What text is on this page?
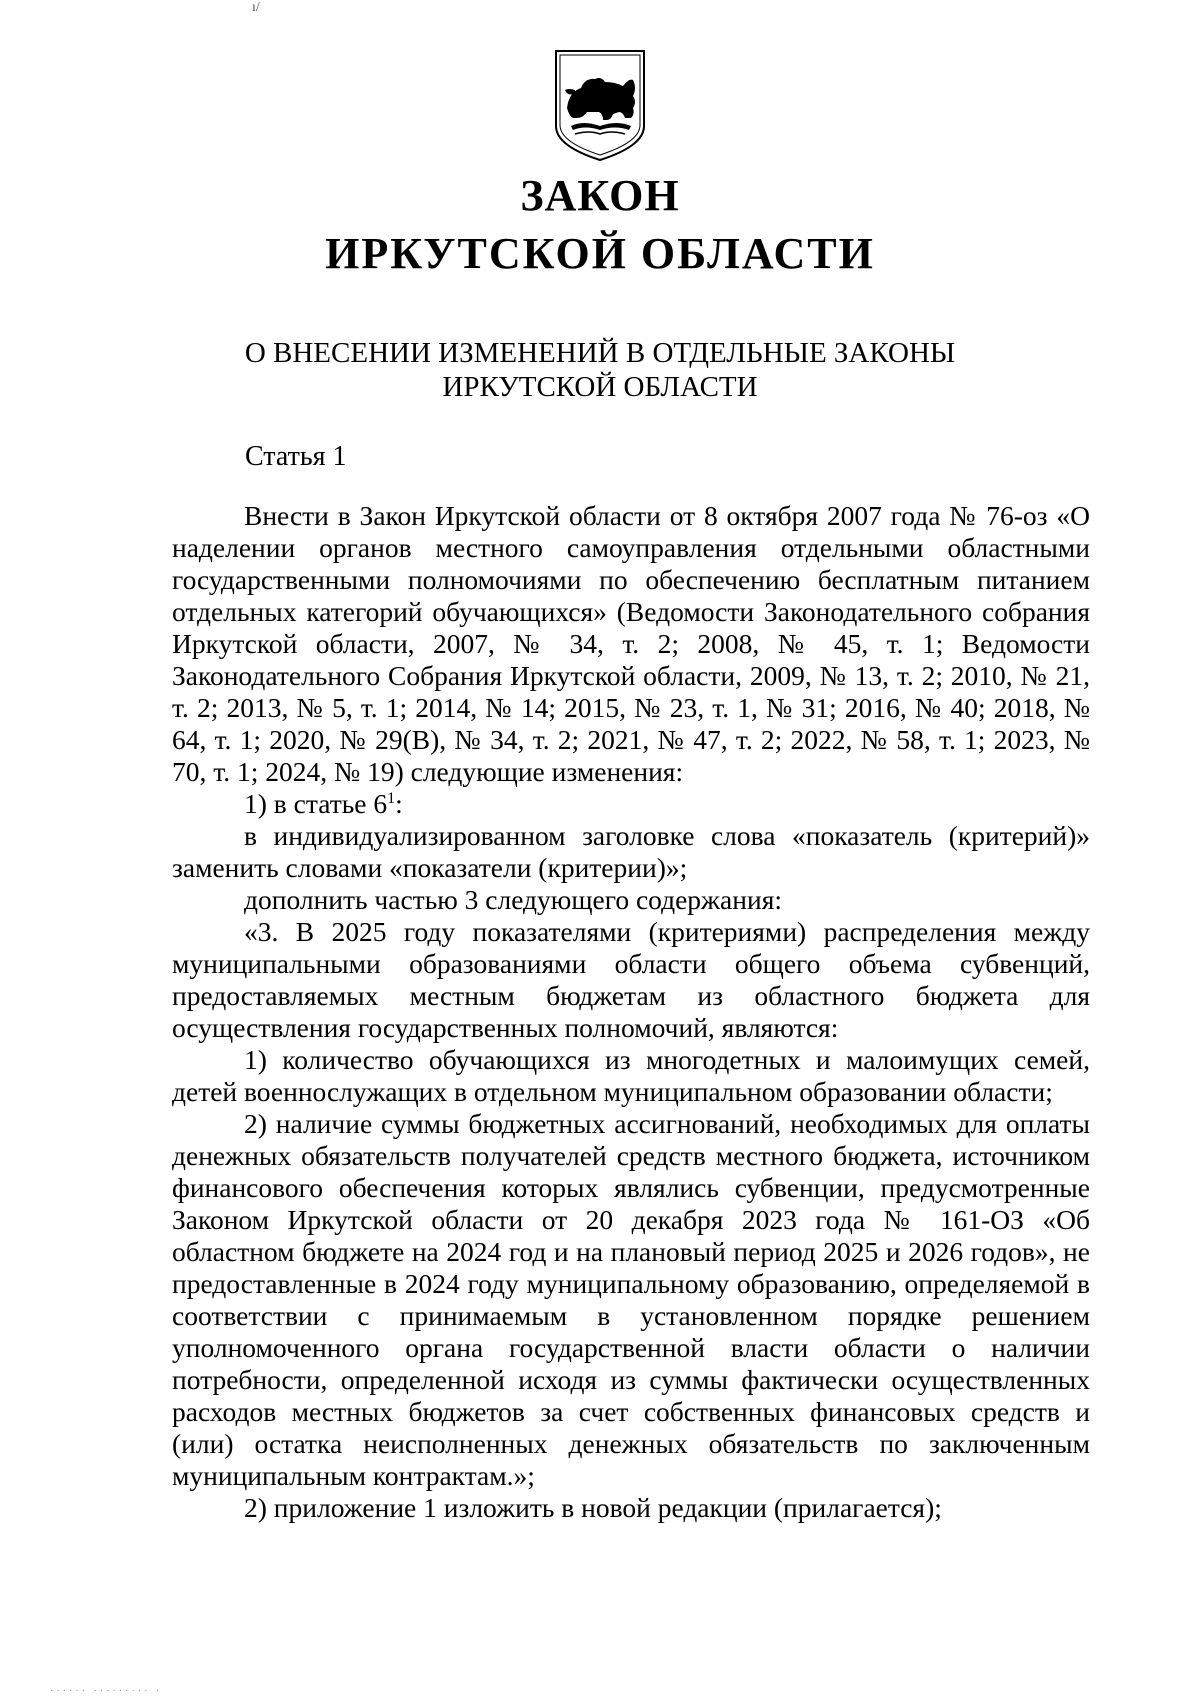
ı/
ЗАКОН
ИРКУТСКОЙ ОБЛАСТИ
О ВНЕСЕНИИ ИЗМЕНЕНИЙ В ОТДЕЛЬНЫЕ ЗАКОНЫ
ИРКУТСКОЙ ОБЛАСТИ
Статья 1

Внести в Закон Иркутской области от 8 октября 2007 года № 76-оз «О наделении органов местного самоуправления отдельными областными государственными полномочиями по обеспечению бесплатным питанием отдельных категорий обучающихся» (Ведомости Законодательного собрания Иркутской области, 2007, № 34, т. 2; 2008, № 45, т. 1; Ведомости Законодательного Собрания Иркутской области, 2009, № 13, т. 2; 2010, № 21, т. 2; 2013, № 5, т. 1; 2014, № 14; 2015, № 23, т. 1, № 31; 2016, № 40; 2018, № 64, т. 1; 2020, № 29(В), № 34, т. 2; 2021, № 47, т. 2; 2022, № 58, т. 1; 2023, № 70, т. 1; 2024, № 19) следующие изменения:

1) в статье $6^1$:

в индивидуализированном заголовке слова «показатель (критерий)» заменить словами «показатели (критерии)»;

дополнить частью 3 следующего содержания:

«3. В 2025 году показателями (критериями) распределения между муниципальными образованиями области общего объема субвенций, предоставляемых местным бюджетам из областного бюджета для осуществления государственных полномочий, являются:

1) количество обучающихся из многодетных и малоимущих семей, детей военнослужащих в отдельном муниципальном образовании области;

2) наличие суммы бюджетных ассигнований, необходимых для оплаты денежных обязательств получателей средств местного бюджета, источником финансового обеспечения которых являлись субвенции, предусмотренные Законом Иркутской области от 20 декабря 2023 года № 161-ОЗ «Об областном бюджете на 2024 год и на плановый период 2025 и 2026 годов», не предоставленные в 2024 году муниципальному образованию, определяемой в соответствии с принимаемым в установленном порядке решением уполномоченного органа государственной власти области о наличии потребности, определенной исходя из суммы фактически осуществленных расходов местных бюджетов за счет собственных финансовых средств и (или) остатка неисполненных денежных обязательств по заключенным муниципальным контрактам.»;

2) приложение 1 изложить в новой редакции (прилагается);

······ ········· ·
